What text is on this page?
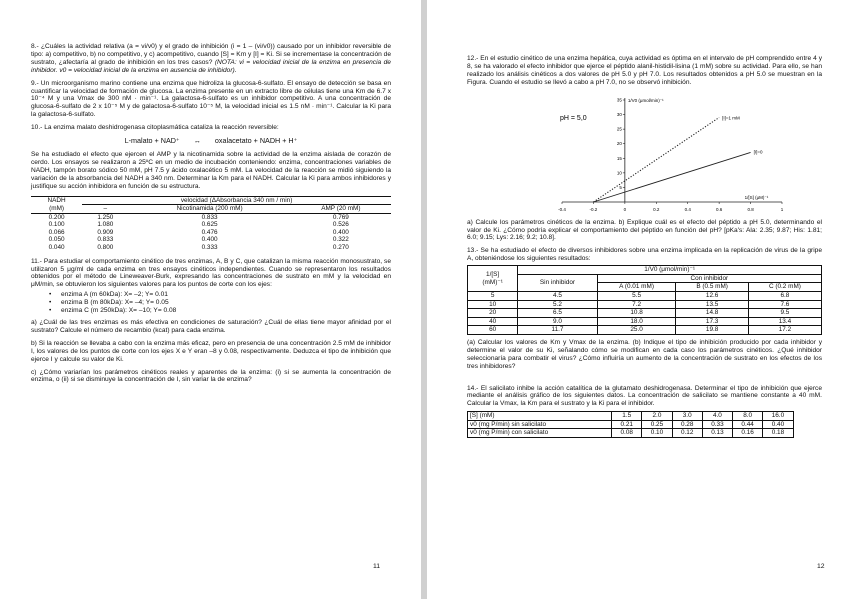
8.- ¿Cuáles la actividad relativa (a = vi/v0) y el grado de inhibición (i = 1 – (vi/v0)) causado por un inhibidor reversible de tipo: a) competitivo, b) no competitivo, y c) acompetitivo, cuando [S] = Km y [I] = Ki. Si se incrementase la concentración de sustrato, ¿afectaría al grado de inhibición en los tres casos? (NOTA: vi = velocidad inicial de la enzima en presencia de inhibidor. v0 = velocidad inicial de la enzima en ausencia de inhibidor).

9.- Un microorganismo marino contiene una enzima que hidroliza la glucosa-6-sulfato. El ensayo de detección se basa en cuantificar la velocidad de formación de glucosa. La enzima presente en un extracto libre de células tiene una Km de 6.7 x 10⁻⁴ M y una Vmax de 300 nM · min⁻¹. La galactosa-6-sulfato es un inhibidor competitivo. A una concentración de glucosa-6-sulfato de 2 x 10⁻⁵ M y de galactosa-6-sulfato 10⁻⁵ M, la velocidad inicial es 1.5 nM · min⁻¹. Calcular la Ki para la galactosa-6-sulfato.

10.- La enzima malato deshidrogenasa citoplasmática cataliza la reacción reversible:

L-malato + NAD⁺ ↔ oxalacetato + NADH + H⁺

Se ha estudiado el efecto que ejercen el AMP y la nicotinamida sobre la actividad de la enzima aislada de corazón de cerdo. Los ensayos se realizaron a 25ºC en un medio de incubación conteniendo: enzima, concentraciones variables de NADH, tampón borato sódico 50 mM, pH 7.5 y ácido oxalacético 5 mM. La velocidad de la reacción se midió siguiendo la variación de la absorbancia del NADH a 340 nm. Determinar la Km para el NADH. Calcular la Ki para ambos inhibidores y justifique su acción inhibidora en función de su estructura.

NADH	velocidad (ΔAbsorbancia 340 nm / min)		
(mM)	–	Nicotinamida (200 mM)	AMP (20 mM)
0.200	1.250	0.833	0.769
0.100	1.080	0.625	0.526
0.066	0.909	0.476	0.400
0.050	0.833	0.400	0.322
0.040	0.800	0.333	0.270

11.- Para estudiar el comportamiento cinético de tres enzimas, A, B y C, que catalizan la misma reacción monosustrato, se utilizaron 5 μg/ml de cada enzima en tres ensayos cinéticos independientes. Cuando se representaron los resultados obtenidos por el método de Lineweaver-Burk, expresando las concentraciones de sustrato en mM y la velocidad en μM/min, se obtuvieron los siguientes valores para los puntos de corte con los ejes:

• enzima A (m 60kDa): X= –2; Y= 0.01
• enzima B (m 80kDa): X= –4; Y= 0.05
• enzima C (m 250kDa): X= –10; Y= 0.08

a) ¿Cuál de las tres enzimas es más efectiva en condiciones de saturación? ¿Cuál de ellas tiene mayor afinidad por el sustrato? Calcule el número de recambio (kcat) para cada enzima.

b) Si la reacción se llevaba a cabo con la enzima más eficaz, pero en presencia de una concentración 2.5 mM de inhibidor I, los valores de los puntos de corte con los ejes X e Y eran –8 y 0.08, respectivamente. Deduzca el tipo de inhibición que ejerce I y calcule su valor de Ki.

c) ¿Cómo variarían los parámetros cinéticos reales y aparentes de la enzima: (i) si se aumenta la concentración de enzima, o (ii) si se disminuye la concentración de I, sin variar la de enzima?

11

12.- En el estudio cinético de una enzima hepática, cuya actividad es óptima en el intervalo de pH comprendido entre 4 y 8, se ha valorado el efecto inhibidor que ejerce el péptido alanil-histidil-lisina (1 mM) sobre su actividad. Para ello, se han realizado los análisis cinéticos a dos valores de pH 5.0 y pH 7.0. Los resultados obtenidos a pH 5.0 se muestran en la Figura. Cuando el estudio se llevó a cabo a pH 7.0, no se observó inhibición.

-0.4	-0.2	0	0.2	0.4	0.6	0.8	1
5
10
15
20
25
30
35
[I]=1 mM
[I]=0
1/V0 (μmol/min)⁻¹
1/[S] (μM)⁻¹
pH = 5,0

a) Calcule los parámetros cinéticos de la enzima. b) Explique cuál es el efecto del péptido a pH 5.0, determinando el valor de Ki. ¿Cómo podría explicar el comportamiento del péptido en función del pH? [pKa's: Ala: 2.35; 9.87; His: 1.81; 6.0; 9.15; Lys: 2.16; 9.2; 10.8].

13.- Se ha estudiado el efecto de diversos inhibidores sobre una enzima implicada en la replicación de virus de la gripe A, obteniéndose los siguientes resultados:

1/[S]
(mM)⁻¹	1/V0 (μmol/min)⁻¹			
	Sin inhibidor	Con inhibidor		
		A (0.01 mM)	B (0.5 mM)	C (0.2 mM)
5	4.5	5.5	12.6	6.8
10	5.2	7.2	13.5	7.6
20	6.5	10.8	14.8	9.5
40	9.0	18.0	17.3	13.4
60	11.7	25.0	19.8	17.2

(a) Calcular los valores de Km y Vmax de la enzima. (b) Indique el tipo de inhibición producido por cada inhibidor y determine el valor de su Ki, señalando cómo se modifican en cada caso los parámetros cinéticos. ¿Qué inhibidor seleccionaría para combatir el virus? ¿Cómo influiría un aumento de la concentración de sustrato en los efectos de los tres inhibidores?

14.- El salicilato inhibe la acción catalítica de la glutamato deshidrogenasa. Determinar el tipo de inhibición que ejerce mediante el análisis gráfico de los siguientes datos. La concentración de salicilato se mantiene constante a 40 mM. Calcular la Vmax, la Km para el sustrato y la Ki para el inhibidor.

[S] (mM)	1.5	2.0	3.0	4.0	8.0	16.0
v0 (mg P/min) sin salicilato	0.21	0.25	0.28	0.33	0.44	0.40
v0 (mg P/min) con salicilato	0.08	0.10	0.12	0.13	0.16	0.18
12
